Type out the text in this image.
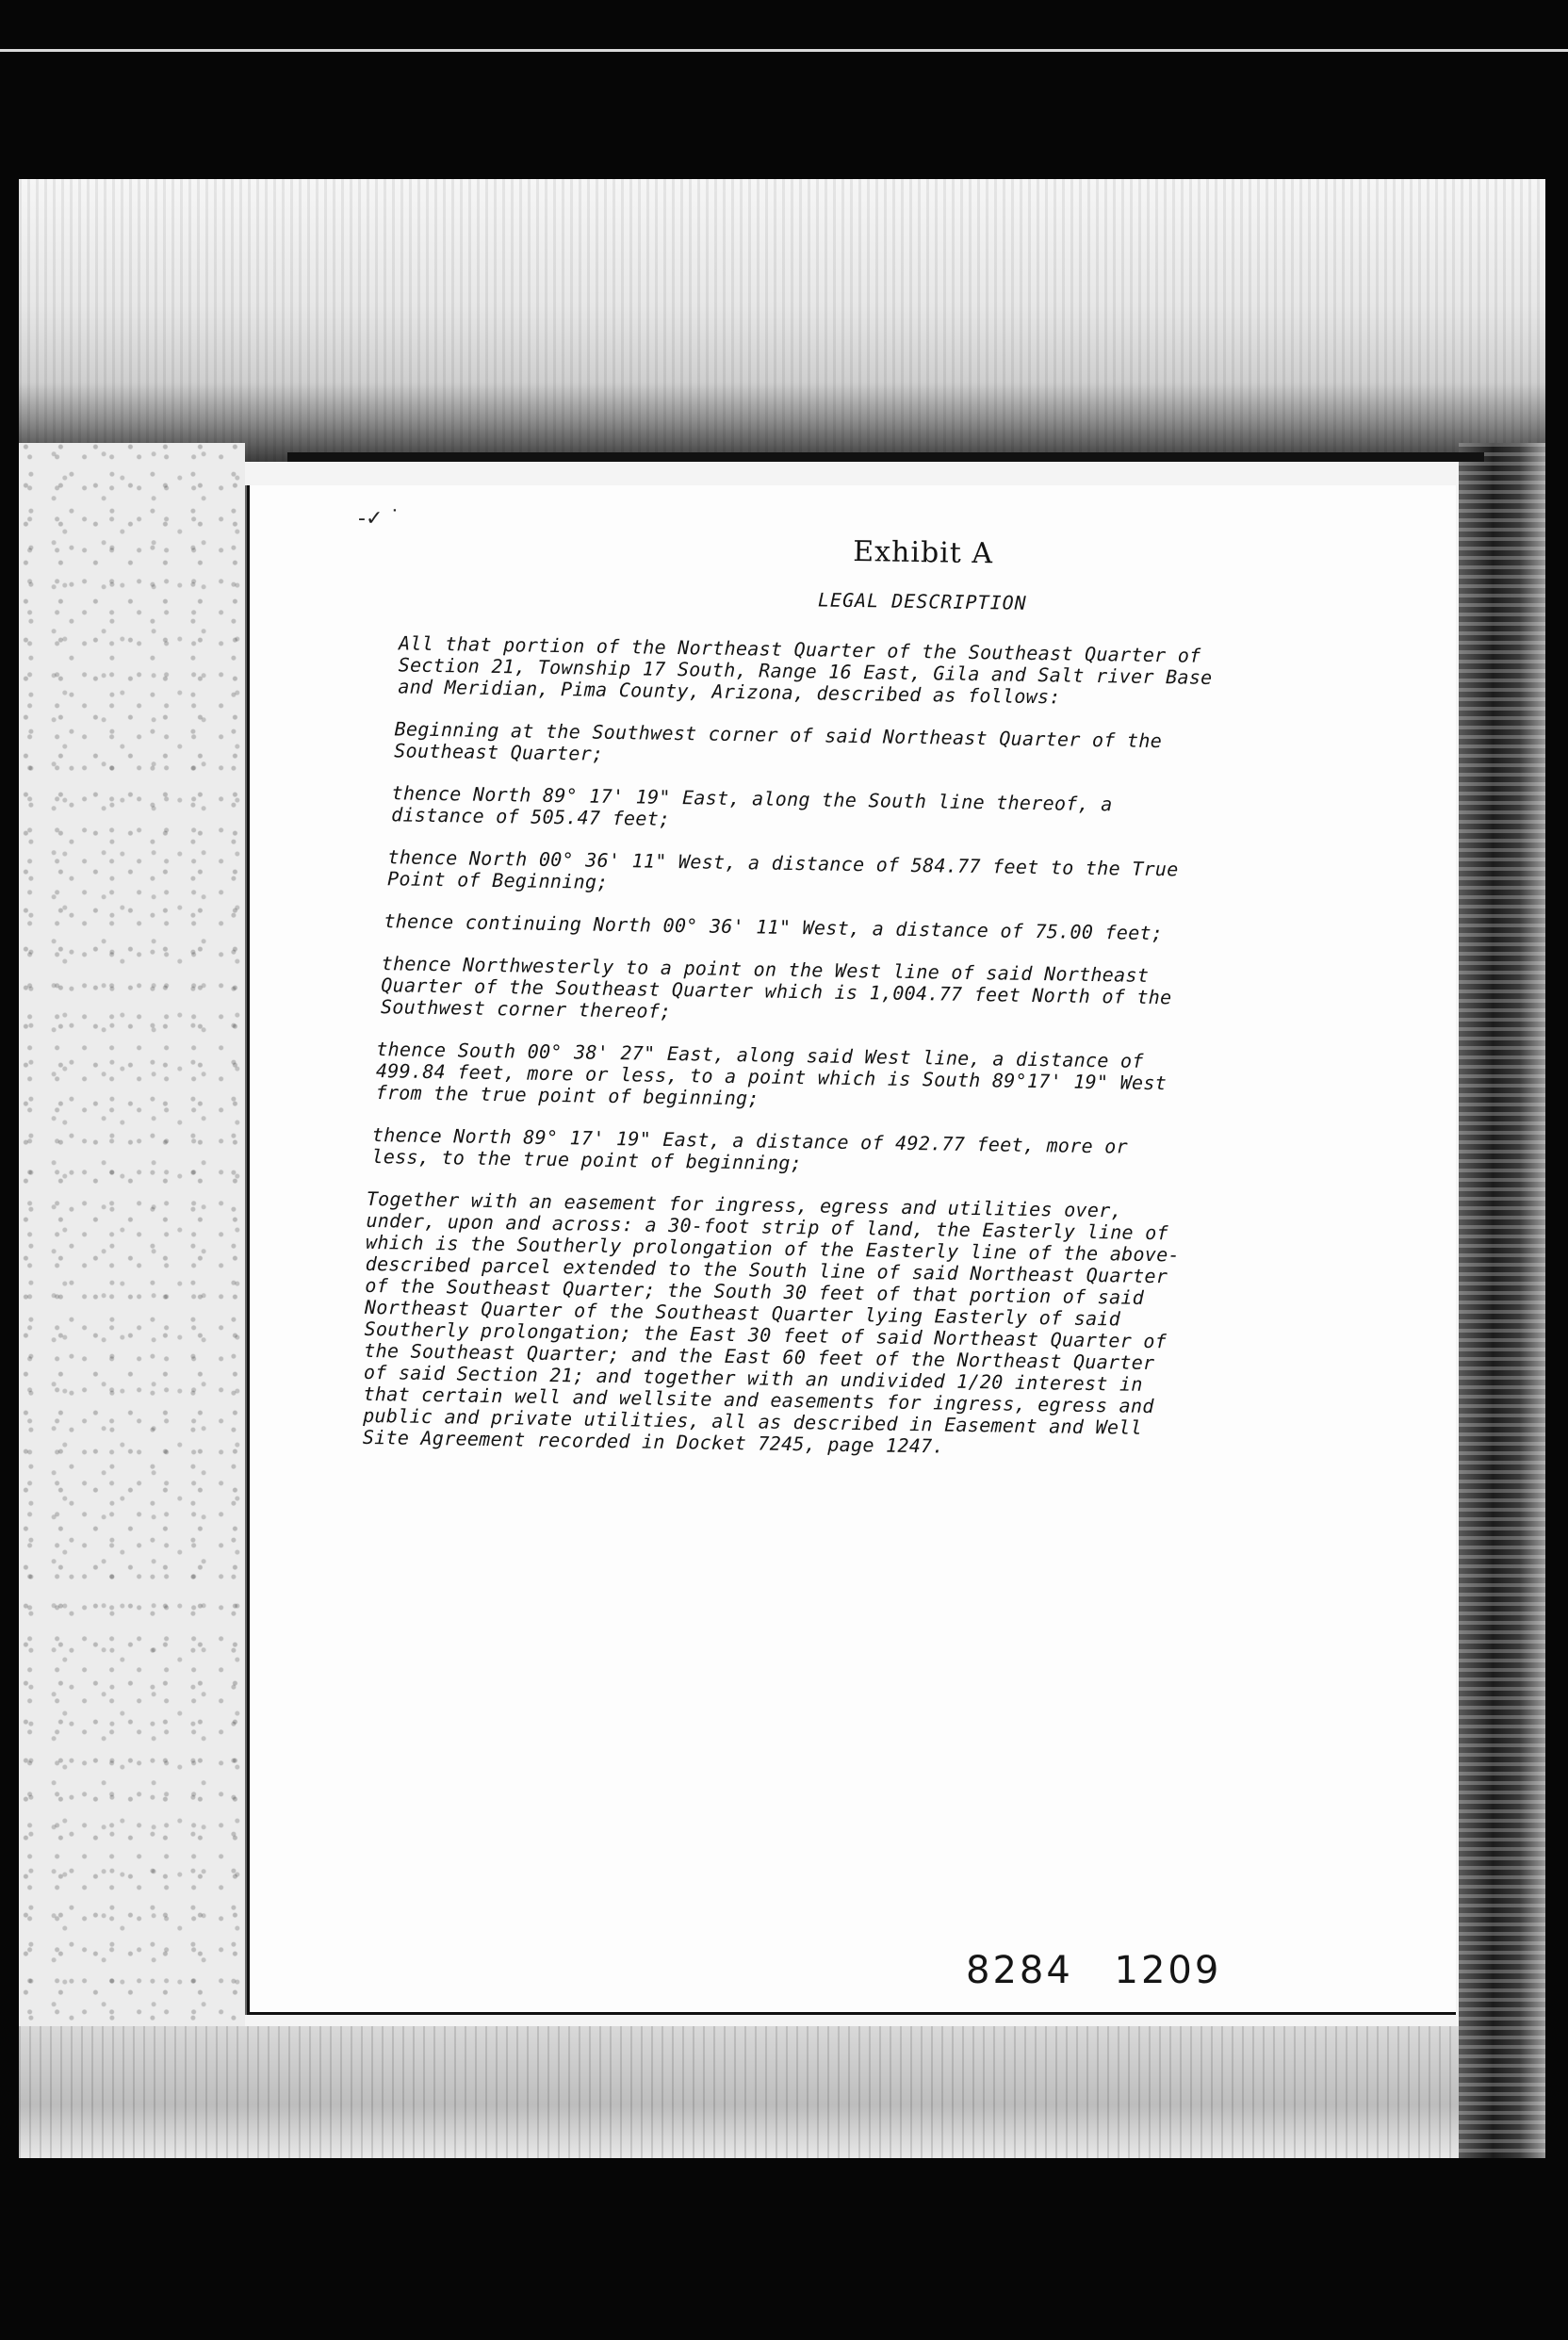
-✓ ˙
Exhibit A
LEGAL DESCRIPTION

All that portion of the Northeast Quarter of the Southeast Quarter of
Section 21, Township 17 South, Range 16 East, Gila and Salt river Base
and Meridian, Pima County, Arizona, described as follows:

Beginning at the Southwest corner of said Northeast Quarter of the
Southeast Quarter;

thence North 89° 17' 19" East, along the South line thereof, a
distance of 505.47 feet;

thence North 00° 36' 11" West, a distance of 584.77 feet to the True
Point of Beginning;

thence continuing North 00° 36' 11" West, a distance of 75.00 feet;

thence Northwesterly to a point on the West line of said Northeast
Quarter of the Southeast Quarter which is 1,004.77 feet North of the
Southwest corner thereof;

thence South 00° 38' 27" East, along said West line, a distance of
499.84 feet, more or less, to a point which is South 89°17' 19" West
from the true point of beginning;

thence North 89° 17' 19" East, a distance of 492.77 feet, more or
less, to the true point of beginning;

Together with an easement for ingress, egress and utilities over,
under, upon and across: a 30-foot strip of land, the Easterly line of
which is the Southerly prolongation of the Easterly line of the above-
described parcel extended to the South line of said Northeast Quarter
of the Southeast Quarter; the South 30 feet of that portion of said
Northeast Quarter of the Southeast Quarter lying Easterly of said
Southerly prolongation; the East 30 feet of said Northeast Quarter of
the Southeast Quarter; and the East 60 feet of the Northeast Quarter
of said Section 21; and together with an undivided 1/20 interest in
that certain well and wellsite and easements for ingress, egress and
public and private utilities, all as described in Easement and Well
Site Agreement recorded in Docket 7245, page 1247.

8284 1209
